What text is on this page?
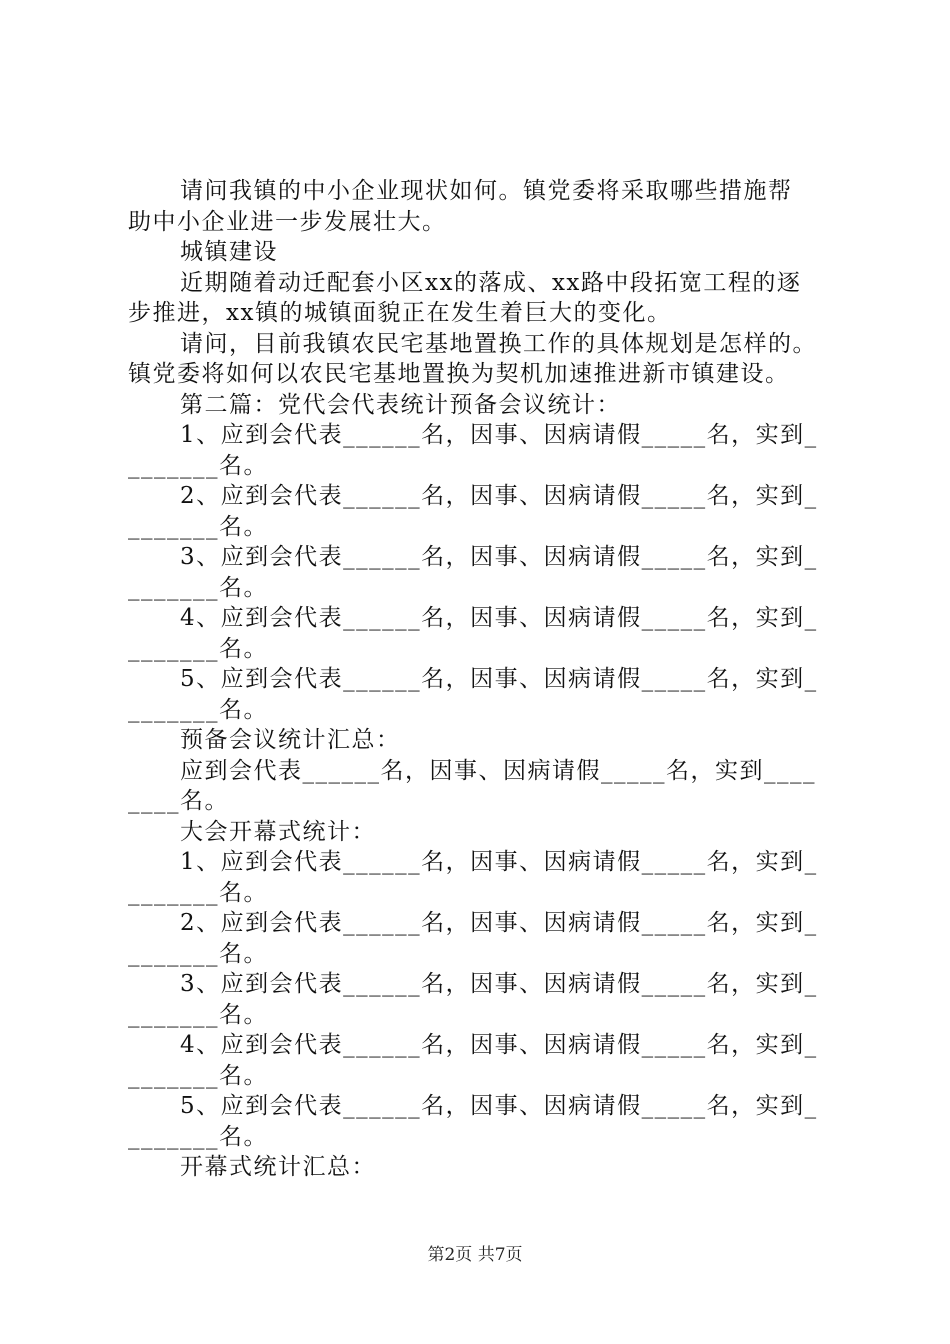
请问我镇的中小企业现状如何。镇党委将采取哪些措施帮
助中小企业进一步发展壮大。
城镇建设
近期随着动迁配套小区xx的落成、xx路中段拓宽工程的逐
步推进，xx镇的城镇面貌正在发生着巨大的变化。
请问，目前我镇农民宅基地置换工作的具体规划是怎样的。
镇党委将如何以农民宅基地置换为契机加速推进新市镇建设。
第二篇：党代会代表统计预备会议统计：
1、应到会代表______名，因事、因病请假_____名，实到_
_______名。
2、应到会代表______名，因事、因病请假_____名，实到_
_______名。
3、应到会代表______名，因事、因病请假_____名，实到_
_______名。
4、应到会代表______名，因事、因病请假_____名，实到_
_______名。
5、应到会代表______名，因事、因病请假_____名，实到_
_______名。
预备会议统计汇总：
应到会代表______名，因事、因病请假_____名，实到____
____名。
大会开幕式统计：
1、应到会代表______名，因事、因病请假_____名，实到_
_______名。
2、应到会代表______名，因事、因病请假_____名，实到_
_______名。
3、应到会代表______名，因事、因病请假_____名，实到_
_______名。
4、应到会代表______名，因事、因病请假_____名，实到_
_______名。
5、应到会代表______名，因事、因病请假_____名，实到_
_______名。
开幕式统计汇总：
第2页 共7页
